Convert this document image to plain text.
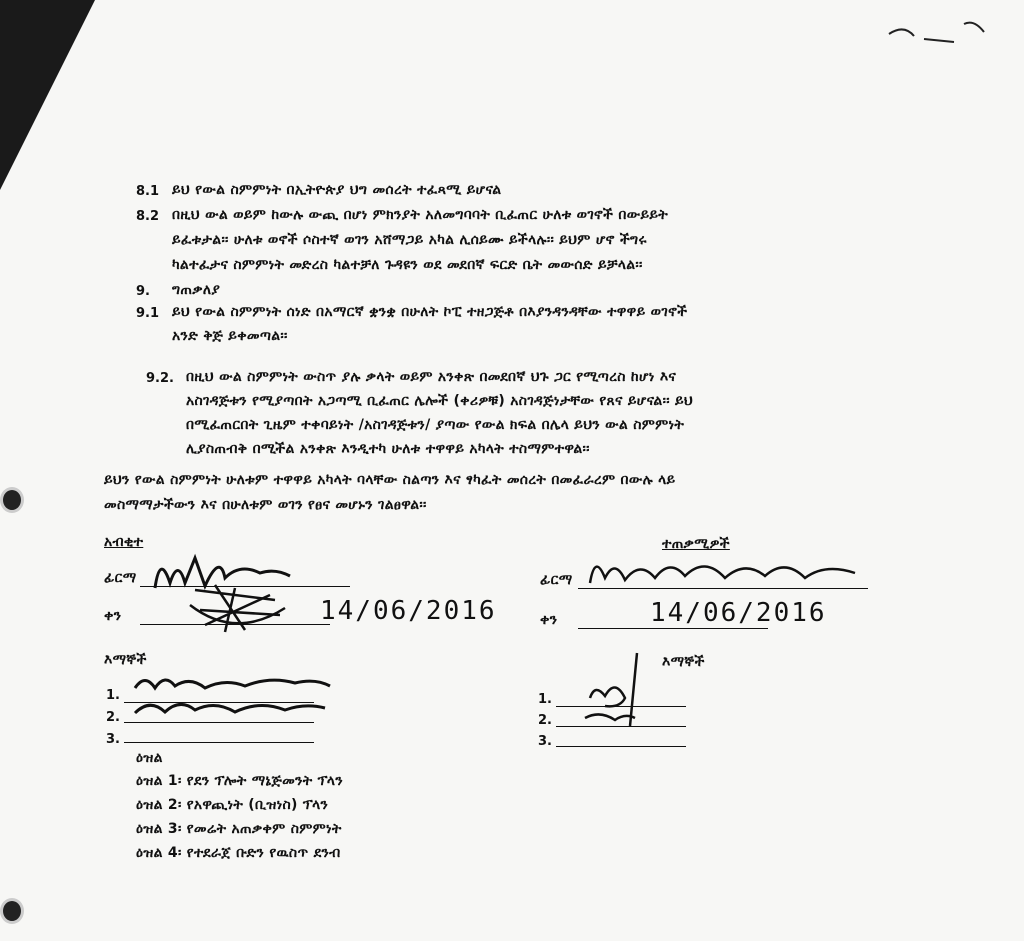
8.1 ይህ የውል ስምምነት በኢትዮጵያ ህግ መሰረት ተፈጻሚ ይሆናል
8.2 በዚህ ውል ወይም ከውሉ ውጪ በሆነ ምክንያት አለመግባባት ቢፈጠር ሁለቱ ወገኖች በውይይት
ይፈቱታል፡፡ ሁለቱ ወኖች ሶስተኛ ወገን አሸማጋይ አካል ሊሰይሙ ይችላሉ፡፡ ይህም ሆኖ ችግሩ
ካልተፈታና ስምምነት መድረስ ካልተቻለ ጉዳዩን ወደ መደበኛ ፍርድ ቤት መውሰድ ይቻላል፡፡
9. ግጠቃለያ
9.1 ይህ የውል ስምምነት ሰነድ በአማርኛ ቋንቋ በሁለት ኮፒ ተዘጋጅቶ በእያንዳንዳቸው ተዋዋይ ወገኖች
አንድ ቅጅ ይቀመጣል፡፡
9.2. በዚህ ውል ስምምነት ውስጥ ያሉ ቃላት ወይም አንቀጽ በመደበኛ ህጉ ጋር የሚጣረስ ከሆነ እና
አስገዳጅቱን የሚያጣበት አጋጣሚ ቢፈጠር ሌሎች (ቀሪዎቹ) አስገዳጅነታቸው የጸና ይሆናል፡፡ ይህ
በሚፈጠርበት ጊዜም ተቀባይነት /አስገዳጅቱን/ ያጣው የውል ክፍል በሌላ ይህን ውል ስምምነት
ሊያስጠብቅ በሚችል አንቀጽ እንዲተካ ሁለቱ ተዋዋይ አካላት ተስማምተዋል፡፡
ይህን የውል ስምምነት ሁለቱም ተዋዋይ አካላት ባላቸው ስልጣን እና ፃካፈት መሰረት በመፈራረም በውሉ ላይ
መስማማታችውን እና በሁለቱም ወገን የፀና መሆኑን ገልፀዋል፡፡
አብቂተ
ፊርማ
ቀን	14/06/2016
እማኞች
1.
2.
3.
ዕዝል
ዕዝል 1፡ የደን ፕሎት ማኔጅመንት ፕላን
ዕዝል 2፡ የአዋጪነት (ቢዝነስ) ፕላን
ዕዝል 3፡ የመሬት አጠቃቀም ስምምነት
ዕዝል 4፡ የተደራጀ ቡድን የዉስጥ ደንብ
ተጠቃሚዎች
ፊርማ
ቀን	14/06/2016
እማኞች
1.
2.
3.
